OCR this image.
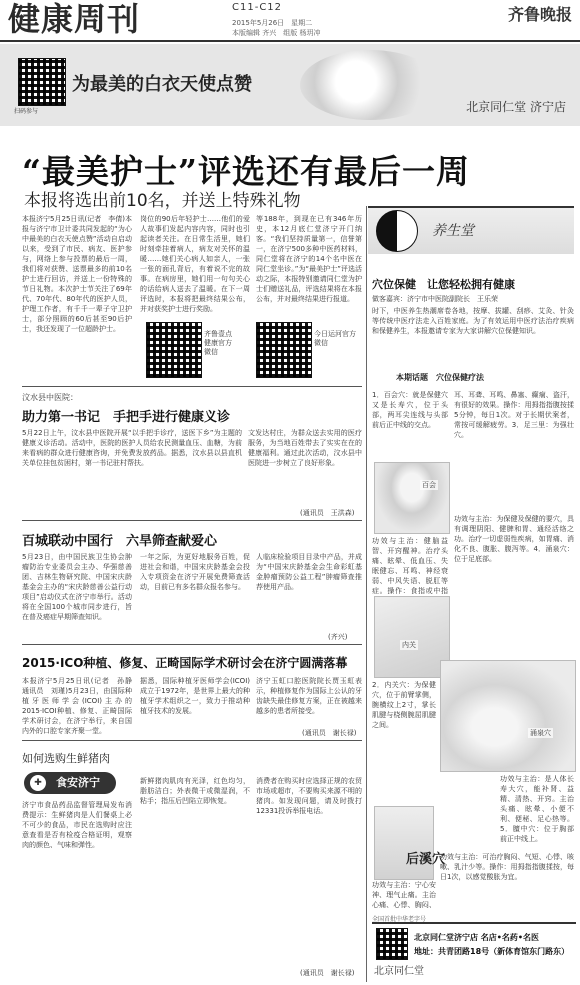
健康周刊	C11-C12
2015年5月26日　星期二
本版编辑 齐兴　组版 杨玥冲
齐鲁晚报
扫码参与
为最美的白衣天使点赞
北京同仁堂 济宁店
“最美护士”评选还有最后一周
本报将选出前10名，并送上特殊礼物
本报济宁5月25日讯(记者　李倩)本报与济宁市卫计委共同发起的“为心中最美的白衣天使点赞”活动自启动以来，受到了市民、病友、医护参与，网络上参与投票的最后一周，我们将对获赞、送票最多的前10名护士进行回访，并送上一份特殊的节日礼物。本次护士节关注了69年代、70年代、80年代的医护人员，护理工作者，有千千一辈子守卫护士，部分照顾的60后甚至90后护士，我还发现了一位超龄护士。
岗位的90后年轻护士……他们的爱人故事们发起内容内容，同时也引起读者关注。在日常生活里，她们时刻牵挂着病人，病友对关怀的温暖……她们关心病人如亲人，一张一张的面孔背后，有着说不完的故事。在病房里，她们用一句句关心的话给病人送去了温暖。在下一周评选时，本报将把最终结果公布，并对获奖护士进行奖励。
等188年，到现在已有346年历史，本12月底仁堂济宁开门纳客。“我们坚持质量第一，信誉第一，在济宁500多种中医药材料，同仁堂将在济宁的14个名中医在同仁堂坐诊。”为“最美护士”评选活动之际，本报特别邀请同仁堂为护士们赠送礼品，评选结果将在本报公布，并对最终结果进行报道。
齐鲁壹点健康官方微信
今日运河官方微信
汶水县中医院：
助力第一书记　手把手进行健康义诊
5月22日上午，汶水县中医院开展“以手把手诊疗，送医下乡”为主题的健康义诊活动。活动中，医院的医护人员给农民测量血压、血糖，为前来看病的群众进行健康咨询，并免费发放药品。据悉，汶水县以县直机关单位挂包贫困村，第一书记驻村帮扶。
文发达村庄，为群众送去实用的医疗服务，为当地百姓带去了实实在在的健康福利。通过此次活动，汶水县中医院进一步树立了良好形象。
(通讯员　王洪森)
百城联动中国行　六旱筛查献爱心
5月23日，由中国民族卫生协会肿瘤防治专业委员会主办、华强慈善团、吉林生物研究院、中国宋庆龄基金会主办的“宋庆龄慈善公益行动项目”启动仪式在济宁市举行。活动将在全国100个城市同步进行，旨在普及癌症早期筛查知识。
一年之际，为更好地服务百姓，促进社会和谐，中国宋庆龄基金会投入专项资金在济宁开展免费筛查活动，目前已有多名群众报名参与。
人临床检验项目目录中产品，并成为“中国宋庆龄基金会生命彩虹基金肿瘤预防公益工程”肿瘤筛查推荐使用产品。
(齐兴)
2015·ICO种植、修复、正畸国际学术研讨会在济宁圆满落幕
本报济宁5月25日讯(记者　孙静　通讯员　刘瑾)5月23日，由国际种植牙医师学会(ICOI)主办的2015·ICOI种植、修复、正畸国际学术研讨会，在济宁举行，来自国内外的口腔专家齐聚一堂。
据悉，国际种植牙医师学会(ICOI)成立于1972年，是世界上最大的种植牙学术组织之一，致力于推动种植牙技术的发展。
济宁玉虹口腔医院院长贾玉虹表示，种植修复作为国际上公认的牙齿缺失最佳修复方案，正在被越来越多的患者所接受。
(通讯员　谢长禄)
如何选购生鲜猪肉
✚	食安济宁
济宁市食品药品监督管理局发布消费提示：生鲜猪肉是人们餐桌上必不可少的食品，市民在选购时应注意查看是否有检疫合格证明，观察肉的颜色、气味和弹性。
新鲜猪肉肌肉有光泽，红色均匀，脂肪洁白；外表微干或微湿润，不粘手；指压后凹陷立即恢复。
消费者在购买时应选择正规的农贸市场或超市，不要购买来源不明的猪肉。如发现问题，请及时拨打12331投诉举报电话。
(通讯员　谢长禄)
养生堂
穴位保健　让您轻松拥有健康
做客嘉宾：济宁市中医院副院长　王乐荣
时下，中医养生热潮席卷各地，按摩、拔罐、刮痧、艾灸、针灸等传统中医疗法走入百姓家庭。为了有效运用中医疗法治疗疾病和保健养生，本报邀请专家为大家讲解穴位保健知识。
本期话题　穴位保健疗法
1．百会穴：就是保健穴又是长寿穴，位于头部，两耳尖连线与头部前后正中线的交点。
百会
功效与主治：健脑益智、开窍醒神。治疗头痛、眩晕、低血压、失眠健忘、耳鸣、神经衰弱、中风失语、脱肛等症。操作：食指或中指
内关
2．内关穴：为保健穴，位于前臂掌侧，腕横纹上2寸，掌长肌腱与桡侧腕屈肌腱之间。
后溪穴
功效与主治：宁心安神、理气止痛。主治心痛、心悸、胸闷、
耳、耳聋、耳鸣、鼻塞、癫痫、盗汗，有很好的效果。操作：用拇指指腹按揉5分钟，每日1次。对于长期伏案者，常按可缓解疲劳。3．足三里：为强壮穴。
功效与主治：为保健及保健的要穴，具有调理阴阳、健脾和胃、通经活络之功。治疗一切虚弱性疾病，如胃痛、消化不良、腹胀、腹泻等。4．涌泉穴：位于足底部。
涌泉穴
功效与主治：是人体长寿大穴，能补肾、益精、清热、开窍。主治头痛、眩晕、小便不利、便秘、足心热等。5．膻中穴：位于胸部前正中线上。
功效与主治：可治疗胸闷、气短、心悸、咳嗽、乳汁少等。操作：用拇指指腹揉按，每日1次，以感觉酸胀为宜。
全国首批中华老字号
北京同仁堂济宁店 名店•名药•名医
地址：共青团路18号（新体育馆东门路东）
北京同仁堂
